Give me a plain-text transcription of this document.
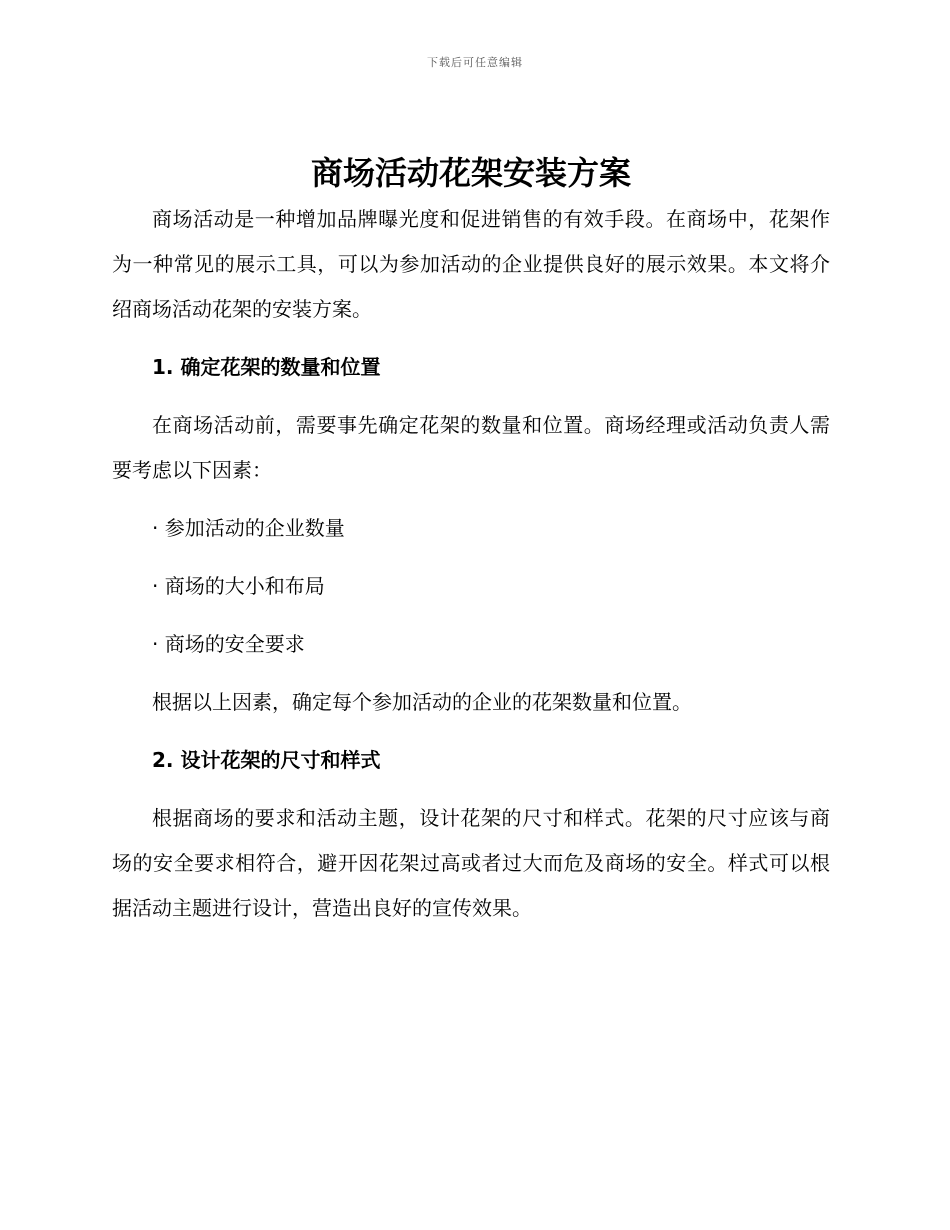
下载后可任意编辑
商场活动花架安装方案

商场活动是一种增加品牌曝光度和促进销售的有效手段。在商场中，花架作为一种常见的展示工具，可以为参加活动的企业提供良好的展示效果。本文将介绍商场活动花架的安装方案。

1. 确定花架的数量和位置

在商场活动前，需要事先确定花架的数量和位置。商场经理或活动负责人需要考虑以下因素：

· 参加活动的企业数量

· 商场的大小和布局

· 商场的安全要求

根据以上因素，确定每个参加活动的企业的花架数量和位置。

2. 设计花架的尺寸和样式

根据商场的要求和活动主题，设计花架的尺寸和样式。花架的尺寸应该与商场的安全要求相符合，避开因花架过高或者过大而危及商场的安全。样式可以根据活动主题进行设计，营造出良好的宣传效果。
